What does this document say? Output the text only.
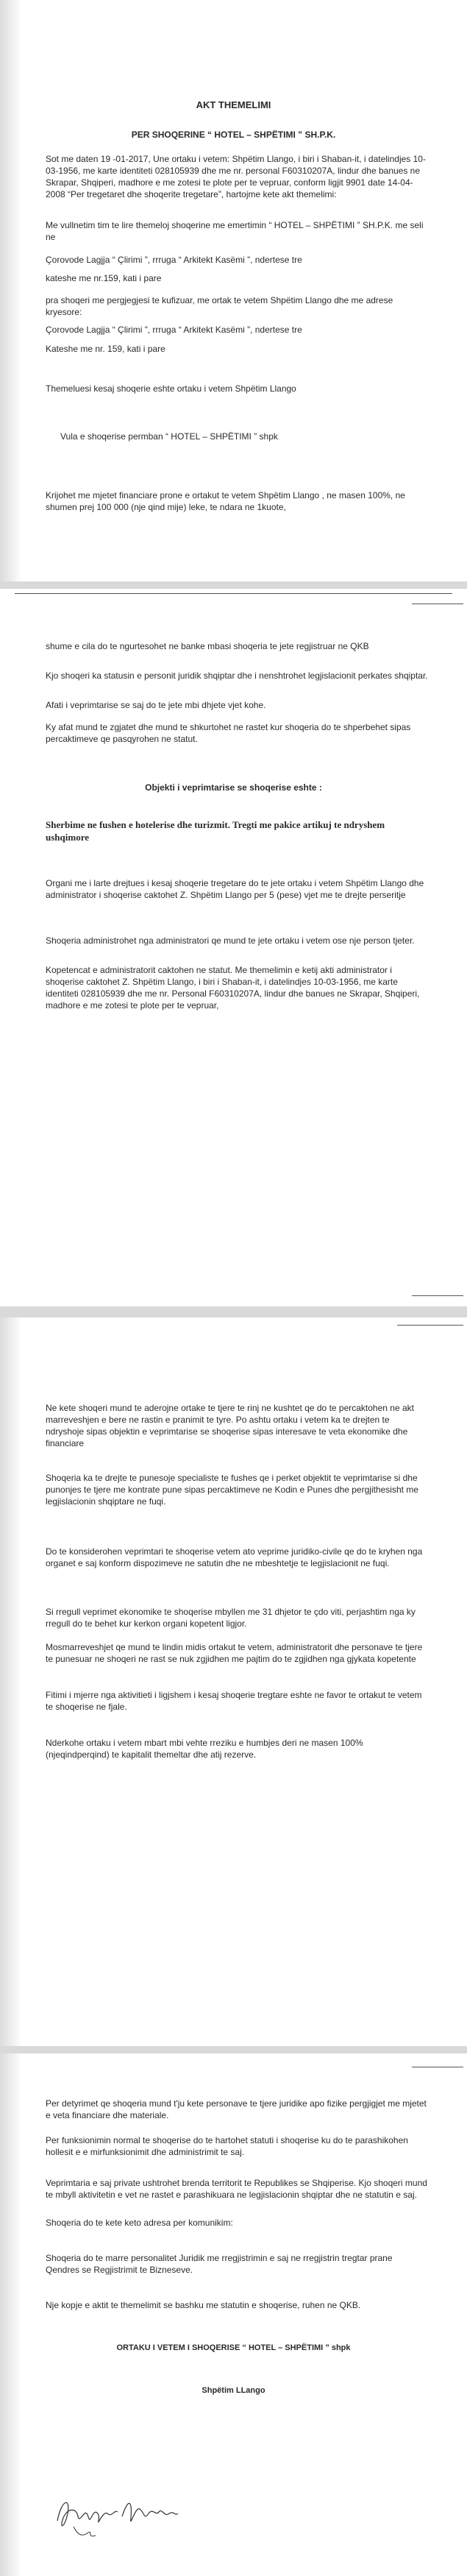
AKT THEMELIMI
PER SHOQERINE “ HOTEL – SHPËTIMI ” SH.P.K.
Sot me daten 19 -01-2017, Une ortaku i vetem: Shpëtim Llango, i biri i Shaban-it, i datelindjes 10-03-1956, me karte identiteti 028105939 dhe me nr. personal F60310207A, lindur dhe banues ne Skrapar, Shqiperi, madhore e me zotesi te plote per te vepruar, conform ligjit 9901 date 14-04-2008 “Per tregetaret dhe shoqerite tregetare”, hartojme kete akt themelimi:
Me vullnetim tim te lire themeloj shoqerine me emertimin “ HOTEL – SHPËTIMI ” SH.P.K. me seli ne
Çorovode Lagjja “ Çlirimi ”, rrruga “ Arkitekt Kasëmi ”, ndertese tre
kateshe me nr.159, kati i pare
pra shoqeri me pergjegjesi te kufizuar, me ortak te vetem Shpëtim Llango dhe me adrese kryesore:
Çorovode Lagjja “ Çlirimi ”, rrruga “ Arkitekt Kasëmi ”, ndertese tre
Kateshe me nr. 159, kati i pare
Themeluesi kesaj shoqerie eshte ortaku i vetem Shpëtim Llango
Vula e shoqerise permban “ HOTEL – SHPËTIMI ” shpk
Krijohet me mjetet financiare prone e ortakut te vetem Shpëtim Llango , ne masen 100%, ne shumen prej 100 000 (nje qind mije) leke, te ndara ne 1kuote,
shume e cila do te ngurtesohet ne banke mbasi shoqeria te jete regjistruar ne QKB
Kjo shoqeri ka statusin e personit juridik shqiptar dhe i nenshtrohet legjislacionit perkates shqiptar.
Afati i veprimtarise se saj do te jete mbi dhjete vjet kohe.
Ky afat mund te zgjatet dhe mund te shkurtohet ne rastet kur shoqeria do te shperbehet sipas percaktimeve qe pasqyrohen ne statut.
Objekti i veprimtarise se shoqerise eshte :
Sherbime ne fushen e hotelerise dhe turizmit. Tregti me pakice artikuj te ndryshem ushqimore
Organi me i larte drejtues i kesaj shoqerie tregetare do te jete ortaku i vetem Shpëtim Llango dhe administrator i shoqerise caktohet Z. Shpëtim Llango per 5 (pese) vjet me te drejte perseritje
Shoqeria administrohet nga administratori qe mund te jete ortaku i vetem ose nje person tjeter.
Kopetencat e administratorit caktohen ne statut. Me themelimin e ketij akti administrator i shoqerise caktohet Z. Shpëtim Llango, i biri i Shaban-it, i datelindjes 10-03-1956, me karte identiteti 028105939 dhe me nr. Personal F60310207A, lindur dhe banues ne Skrapar, Shqiperi, madhore e me zotesi te plote per te vepruar,
Ne kete shoqeri mund te aderojne ortake te tjere te rinj ne kushtet qe do te percaktohen ne akt marreveshjen e bere ne rastin e pranimit te tyre. Po ashtu ortaku i vetem ka te drejten te ndryshoje sipas objektin e veprimtarise se shoqerise sipas interesave te veta ekonomike dhe financiare
Shoqeria ka te drejte te punesoje specialiste te fushes qe i perket objektit te veprimtarise si dhe punonjes te tjere me kontrate pune sipas percaktimeve ne Kodin e Punes dhe pergjithesisht me legjislacionin shqiptare ne fuqi.
Do te konsiderohen veprimtari te shoqerise vetem ato veprime juridiko-civile qe do te kryhen nga organet e saj konform dispozimeve ne satutin dhe ne mbeshtetje te legjislacionit ne fuqi.
Si rregull veprimet ekonomike te shoqerise mbyllen me 31 dhjetor te çdo viti, perjashtim nga ky rregull do te behet kur kerkon organi kopetent ligjor.
Mosmarreveshjet qe mund te lindin midis ortakut te vetem, administratorit dhe personave te tjere te punesuar ne shoqeri ne rast se nuk zgjidhen me pajtim do te zgjidhen nga gjykata kopetente
Fitimi i mjerre nga aktivitieti i ligjshem i kesaj shoqerie tregtare eshte ne favor te ortakut te vetem te shoqerise ne fjale.
Nderkohe ortaku i vetem mbart mbi vehte rreziku e humbjes deri ne masen 100% (njeqindperqind) te kapitalit themeltar dhe atij rezerve.
Per detyrimet qe shoqeria mund t'ju kete personave te tjere juridike apo fizike pergjigjet me mjetet e veta financiare dhe materiale.
Per funksionimin normal te shoqerise do te hartohet statuti i shoqerise ku do te parashikohen hollesit e e mirfunksionimit dhe administrimit te saj.
Veprimtaria e saj private ushtrohet brenda territorit te Republikes se Shqiperise. Kjo shoqeri mund te mbyll aktivitetin e vet ne rastet e parashikuara ne legjislacionin shqiptar dhe ne statutin e saj.
Shoqeria do te kete keto adresa per komunikim:
Shoqeria do te marre personalitet Juridik me rregjistrimin e saj ne rregjistrin tregtar prane Qendres se Regjistrimit te Bizneseve.
Nje kopje e aktit te themelimit se bashku me statutin e shoqerise, ruhen ne QKB.
ORTAKU I VETEM I SHOQERISE “ HOTEL – SHPËTIMI ” shpk
Shpëtim LLango
Shpëtim Llango
